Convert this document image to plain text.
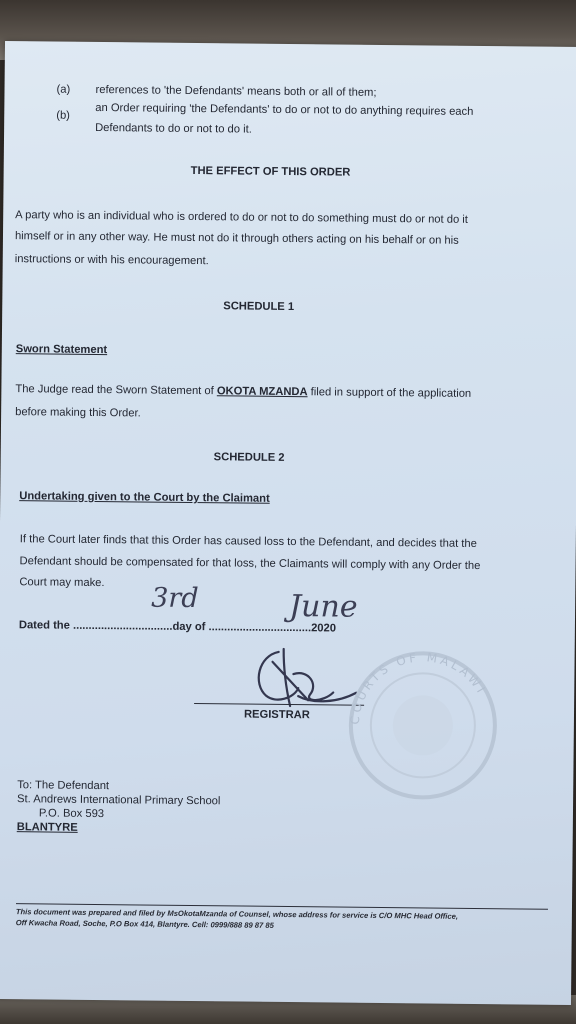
(a) references to 'the Defendants' means both or all of them;
(b) an Order requiring 'the Defendants' to do or not to do anything requires each
Defendants to do or not to do it.
THE EFFECT OF THIS ORDER
A party who is an individual who is ordered to do or not to do something must do or not do it
himself or in any other way. He must not do it through others acting on his behalf or on his
instructions or with his encouragement.
SCHEDULE 1
Sworn Statement
The Judge read the Sworn Statement of OKOTA MZANDA filed in support of the application
before making this Order.
SCHEDULE 2
Undertaking given to the Court by the Claimant
If the Court later finds that this Order has caused loss to the Defendant, and decides that the
Defendant should be compensated for that loss, the Claimants will comply with any Order the
Court may make.
Dated the ................................day of .................................2020
3rd	June
REGISTRAR	COURTS OF MALAWI
To: The Defendant
St. Andrews International Primary School
P.O. Box 593
BLANTYRE
This document was prepared and filed by MsOkotaMzanda of Counsel, whose address for service is C/O MHC Head Office,
Off Kwacha Road, Soche, P.O Box 414, Blantyre. Cell: 0999/888 89 87 85
